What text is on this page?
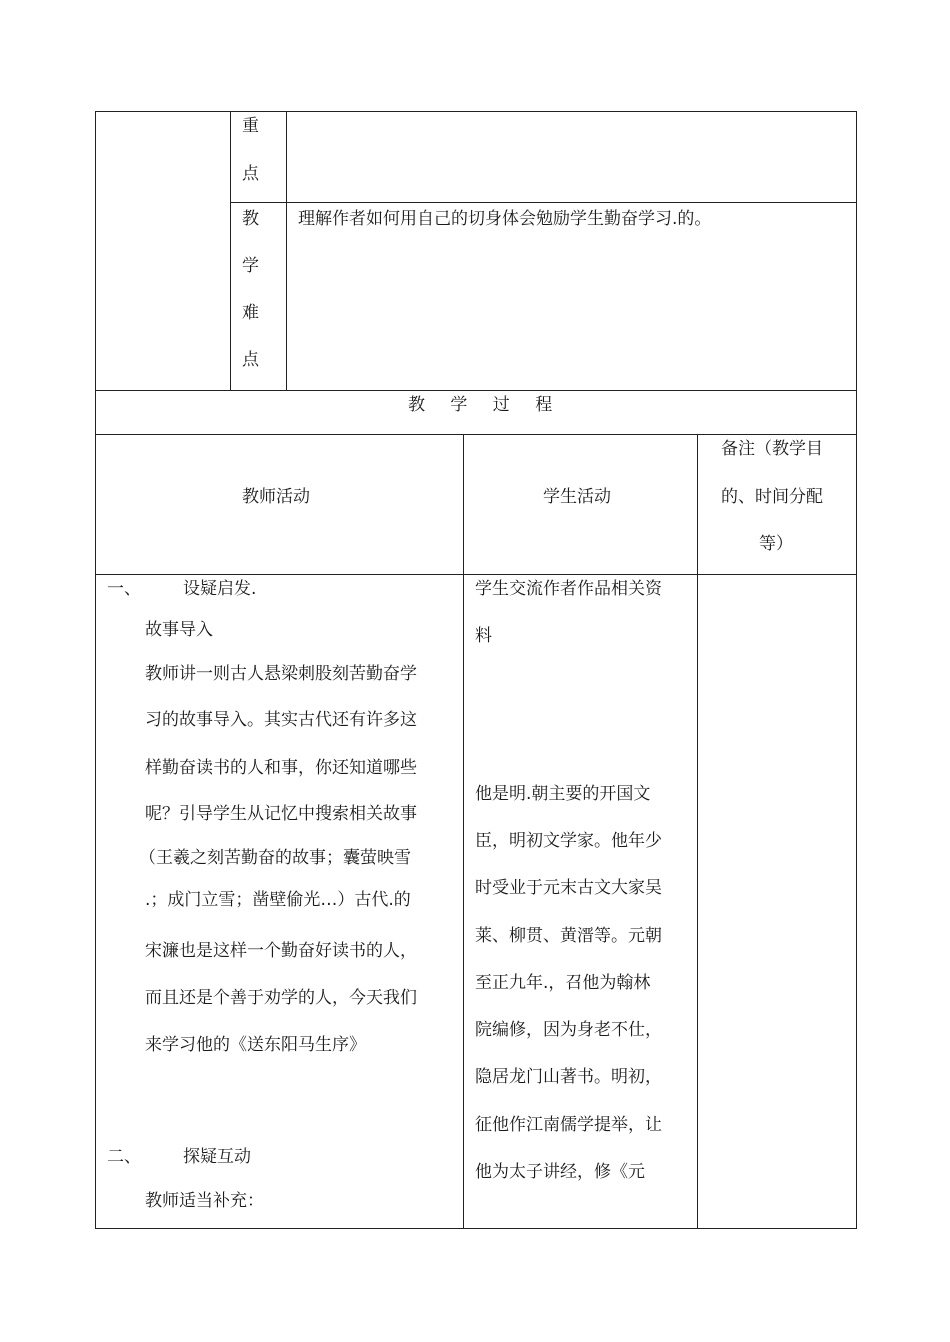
重
点
教
学
难
点
理解作者如何用自己的切身体会勉励学生勤奋学习.的。
教 学 过 程
教师活动	学生活动
备注（教学目
的、时间分配
等）
一、 设疑启发.
故事导入
教师讲一则古人悬梁刺股刻苦勤奋学
习的故事导入。其实古代还有许多这
样勤奋读书的人和事，你还知道哪些
呢？引导学生从记忆中搜索相关故事
（王羲之刻苦勤奋的故事；囊萤映雪
.；成门立雪；凿壁偷光…）古代.的
宋濂也是这样一个勤奋好读书的人，
而且还是个善于劝学的人，今天我们
来学习他的《送东阳马生序》
二、 探疑互动
教师适当补充：
学生交流作者作品相关资
料
他是明.朝主要的开国文
臣，明初文学家。他年少
时受业于元末古文大家吴
莱、柳贯、黄溍等。元朝
至正九年.，召他为翰林
院编修，因为身老不仕，
隐居龙门山著书。明初，
征他作江南儒学提举，让
他为太子讲经，修《元
